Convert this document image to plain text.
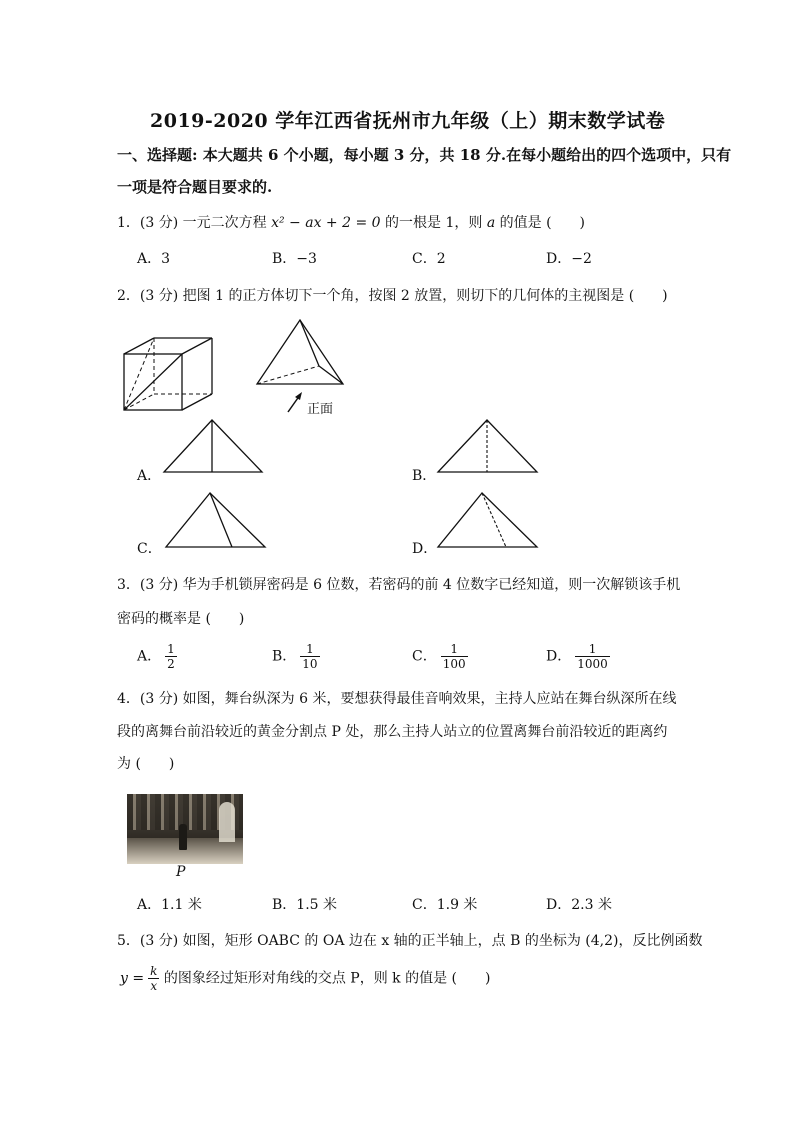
2019-2020 学年江西省抚州市九年级（上）期末数学试卷
一、选择题: 本大题共 6 个小题，每小题 3 分，共 18 分.在每小题给出的四个选项中，只有
一项是符合题目要求的.
1．(3 分) 一元二次方程 x² − ax + 2 = 0 的一根是 1，则 a 的值是 (　　)
A．3	B．−3	C．2	D．−2
2．(3 分) 把图 1 的正方体切下一个角，按图 2 放置，则切下的几何体的主视图是 (　　)
正面
A．	B．
C．	D．
3．(3 分) 华为手机锁屏密码是 6 位数，若密码的前 4 位数字已经知道，则一次解锁该手机
密码的概率是 (　　)
A． $\frac{1}{2}$	B． $\frac{1}{10}$	C． $\frac{1}{100}$	D． $\frac{1}{1000}$
4．(3 分) 如图，舞台纵深为 6 米，要想获得最佳音响效果，主持人应站在舞台纵深所在线
段的离舞台前沿较近的黄金分割点 P 处，那么主持人站立的位置离舞台前沿较近的距离约
为 (　　)
P
A．1.1 米	B．1.5 米	C．1.9 米	D．2.3 米
5．(3 分) 如图，矩形 OABC 的 OA 边在 x 轴的正半轴上，点 B 的坐标为 (4,2)，反比例函数
$y = \frac{k}{x}$ 的图象经过矩形对角线的交点 P，则 k 的值是 (　　)
